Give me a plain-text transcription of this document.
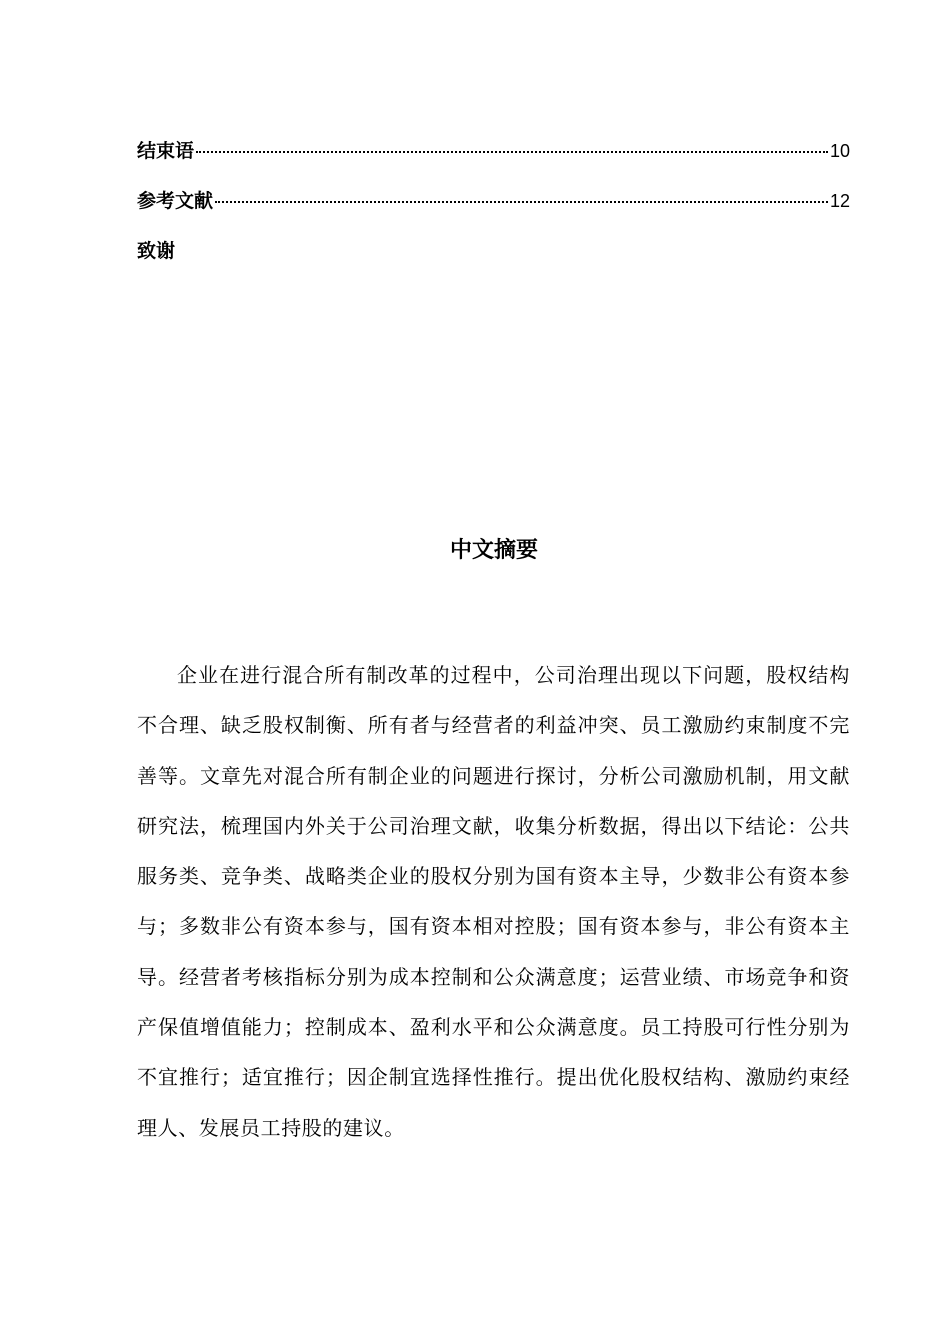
结束语	10
参考文献	12
致谢
中文摘要

企业在进行混合所有制改革的过程中，公司治理出现以下问题，股权结构不合理、缺乏股权制衡、所有者与经营者的利益冲突、员工激励约束制度不完善等。文章先对混合所有制企业的问题进行探讨，分析公司激励机制，用文献研究法，梳理国内外关于公司治理文献，收集分析数据，得出以下结论：公共服务类、竞争类、战略类企业的股权分别为国有资本主导，少数非公有资本参与；多数非公有资本参与，国有资本相对控股；国有资本参与，非公有资本主导。经营者考核指标分别为成本控制和公众满意度；运营业绩、市场竞争和资产保值增值能力；控制成本、盈利水平和公众满意度。员工持股可行性分别为不宜推行；适宜推行；因企制宜选择性推行。提出优化股权结构、激励约束经理人、发展员工持股的建议。
